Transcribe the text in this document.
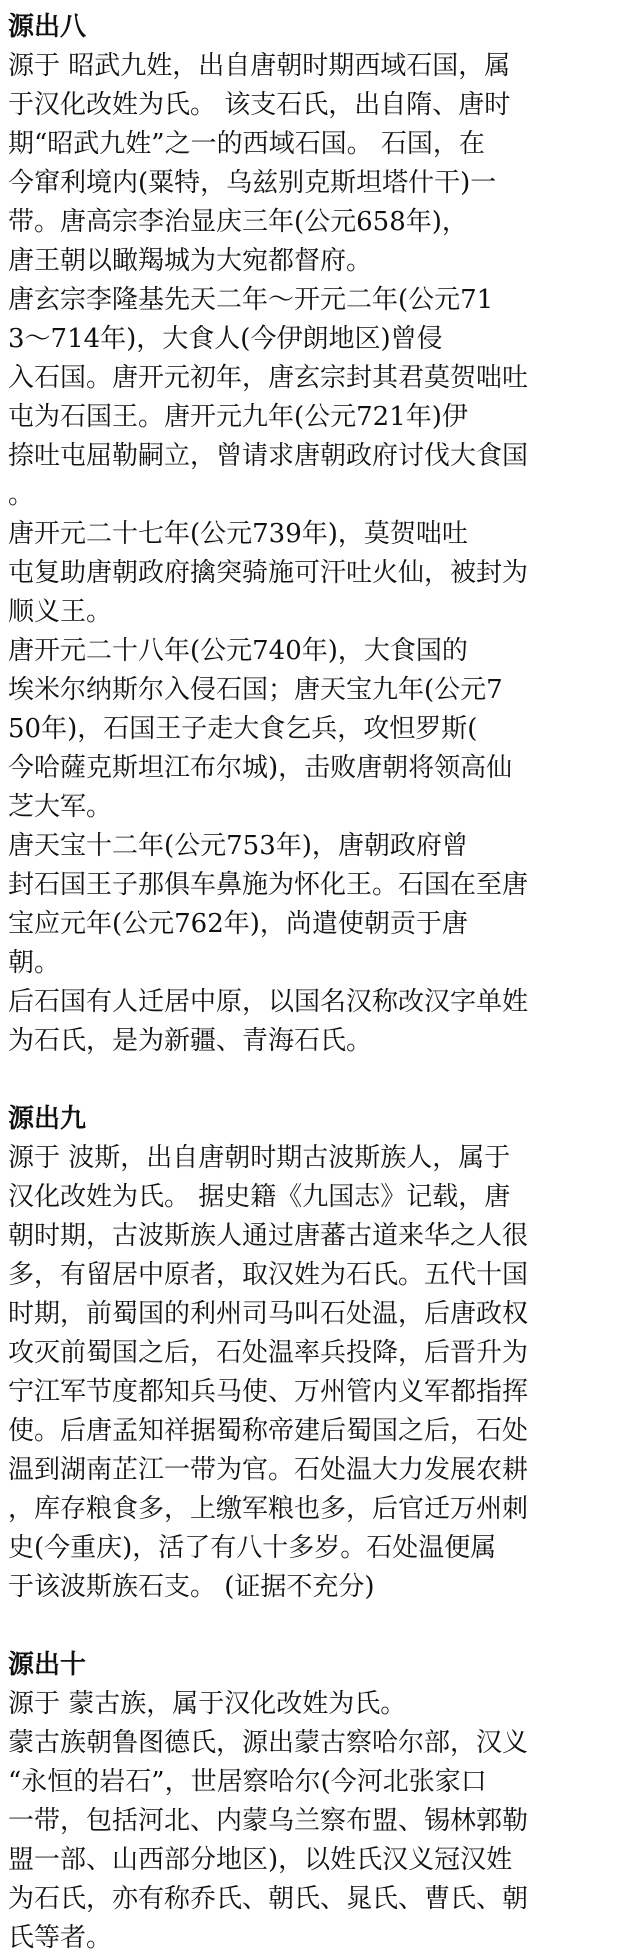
源出八
源于 昭武九姓，出自唐朝时期西域石国，属
于汉化改姓为氏。 该支石氏，出自隋、唐时
期“昭武九姓”之一的西域石国。 石国，在
今窜利境内(粟特，乌兹别克斯坦塔什干)一
带。唐高宗李治显庆三年(公元658年)，
唐王朝以瞰羯城为大宛都督府。
唐玄宗李隆基先天二年～开元二年(公元71
3～714年)，大食人(今伊朗地区)曾侵
入石国。唐开元初年，唐玄宗封其君莫贺咄吐
屯为石国王。唐开元九年(公元721年)伊
捺吐屯屈勒嗣立，曾请求唐朝政府讨伐大食国
。
唐开元二十七年(公元739年)，莫贺咄吐
屯复助唐朝政府擒突骑施可汗吐火仙，被封为
顺义王。
唐开元二十八年(公元740年)，大食国的
埃米尔纳斯尔入侵石国；唐天宝九年(公元7
50年)，石国王子走大食乞兵，攻怛罗斯(
今哈薩克斯坦江布尔城)，击败唐朝将领高仙
芝大军。
唐天宝十二年(公元753年)，唐朝政府曾
封石国王子那俱车鼻施为怀化王。石国在至唐
宝应元年(公元762年)，尚遣使朝贡于唐
朝。
后石国有人迁居中原，以国名汉称改汉字单姓
为石氏，是为新疆、青海石氏。
源出九
源于 波斯，出自唐朝时期古波斯族人，属于
汉化改姓为氏。 据史籍《九国志》记载，唐
朝时期，古波斯族人通过唐蕃古道来华之人很
多，有留居中原者，取汉姓为石氏。五代十国
时期，前蜀国的利州司马叫石处温，后唐政权
攻灭前蜀国之后，石处温率兵投降，后晋升为
宁江军节度都知兵马使、万州管内义军都指挥
使。后唐孟知祥据蜀称帝建后蜀国之后，石处
温到湖南芷江一带为官。石处温大力发展农耕
，库存粮食多，上缴军粮也多，后官迁万州刺
史(今重庆)，活了有八十多岁。石处温便属
于该波斯族石支。 (证据不充分)
源出十
源于 蒙古族，属于汉化改姓为氏。
蒙古族朝鲁图德氏，源出蒙古察哈尔部，汉义
“永恒的岩石”，世居察哈尔(今河北张家口
一带，包括河北、内蒙乌兰察布盟、锡林郭勒
盟一部、山西部分地区)，以姓氏汉义冠汉姓
为石氏，亦有称乔氏、朝氏、晁氏、曹氏、朝
氏等者。
